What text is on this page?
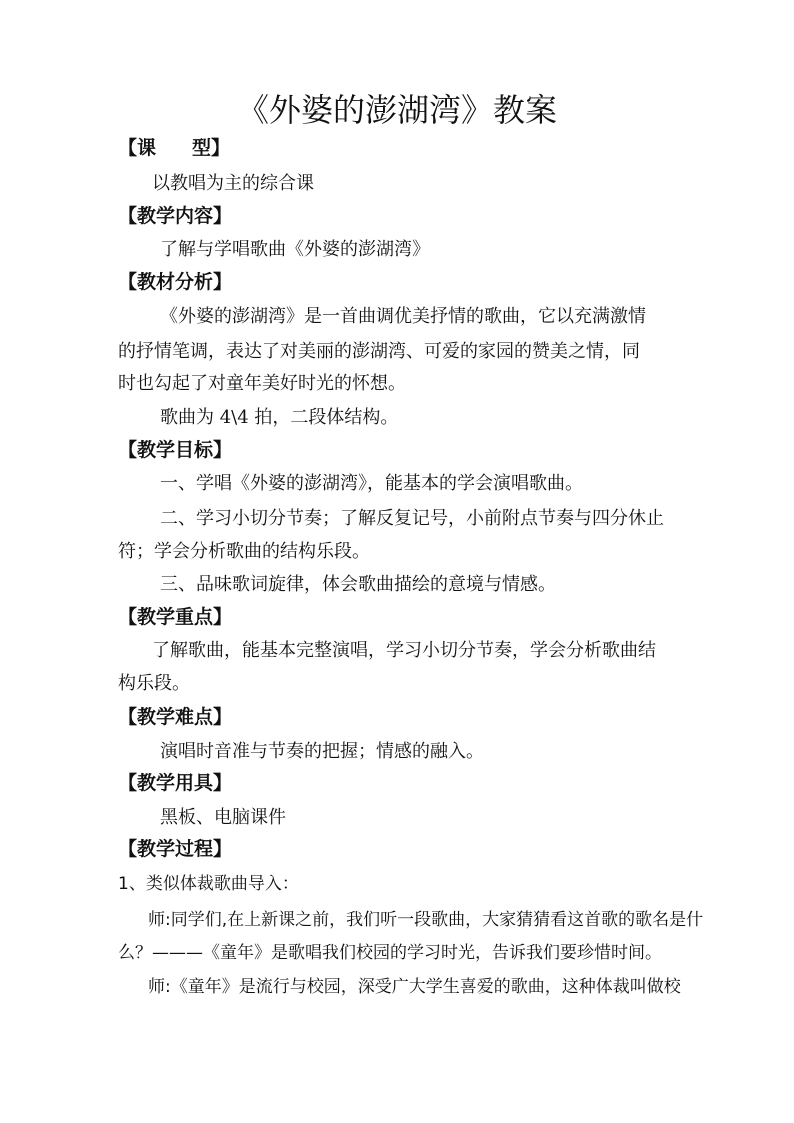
《外婆的澎湖湾》教案
【课 型】
以教唱为主的综合课
【教学内容】
了解与学唱歌曲《外婆的澎湖湾》
【教材分析】
《外婆的澎湖湾》是一首曲调优美抒情的歌曲，它以充满激情
的抒情笔调，表达了对美丽的澎湖湾、可爱的家园的赞美之情，同
时也勾起了对童年美好时光的怀想。
歌曲为 4\4 拍，二段体结构。
【教学目标】
一、学唱《外婆的澎湖湾》，能基本的学会演唱歌曲。
二、学习小切分节奏；了解反复记号，小前附点节奏与四分休止
符；学会分析歌曲的结构乐段。
三、品味歌词旋律，体会歌曲描绘的意境与情感。
【教学重点】
了解歌曲，能基本完整演唱，学习小切分节奏，学会分析歌曲结
构乐段。
【教学难点】
演唱时音准与节奏的把握；情感的融入。
【教学用具】
黑板、电脑课件
【教学过程】
1、类似体裁歌曲导入：
师:同学们,在上新课之前，我们听一段歌曲，大家猜猜看这首歌的歌名是什
么？———《童年》是歌唱我们校园的学习时光，告诉我们要珍惜时间。
师:《童年》是流行与校园，深受广大学生喜爱的歌曲，这种体裁叫做校
